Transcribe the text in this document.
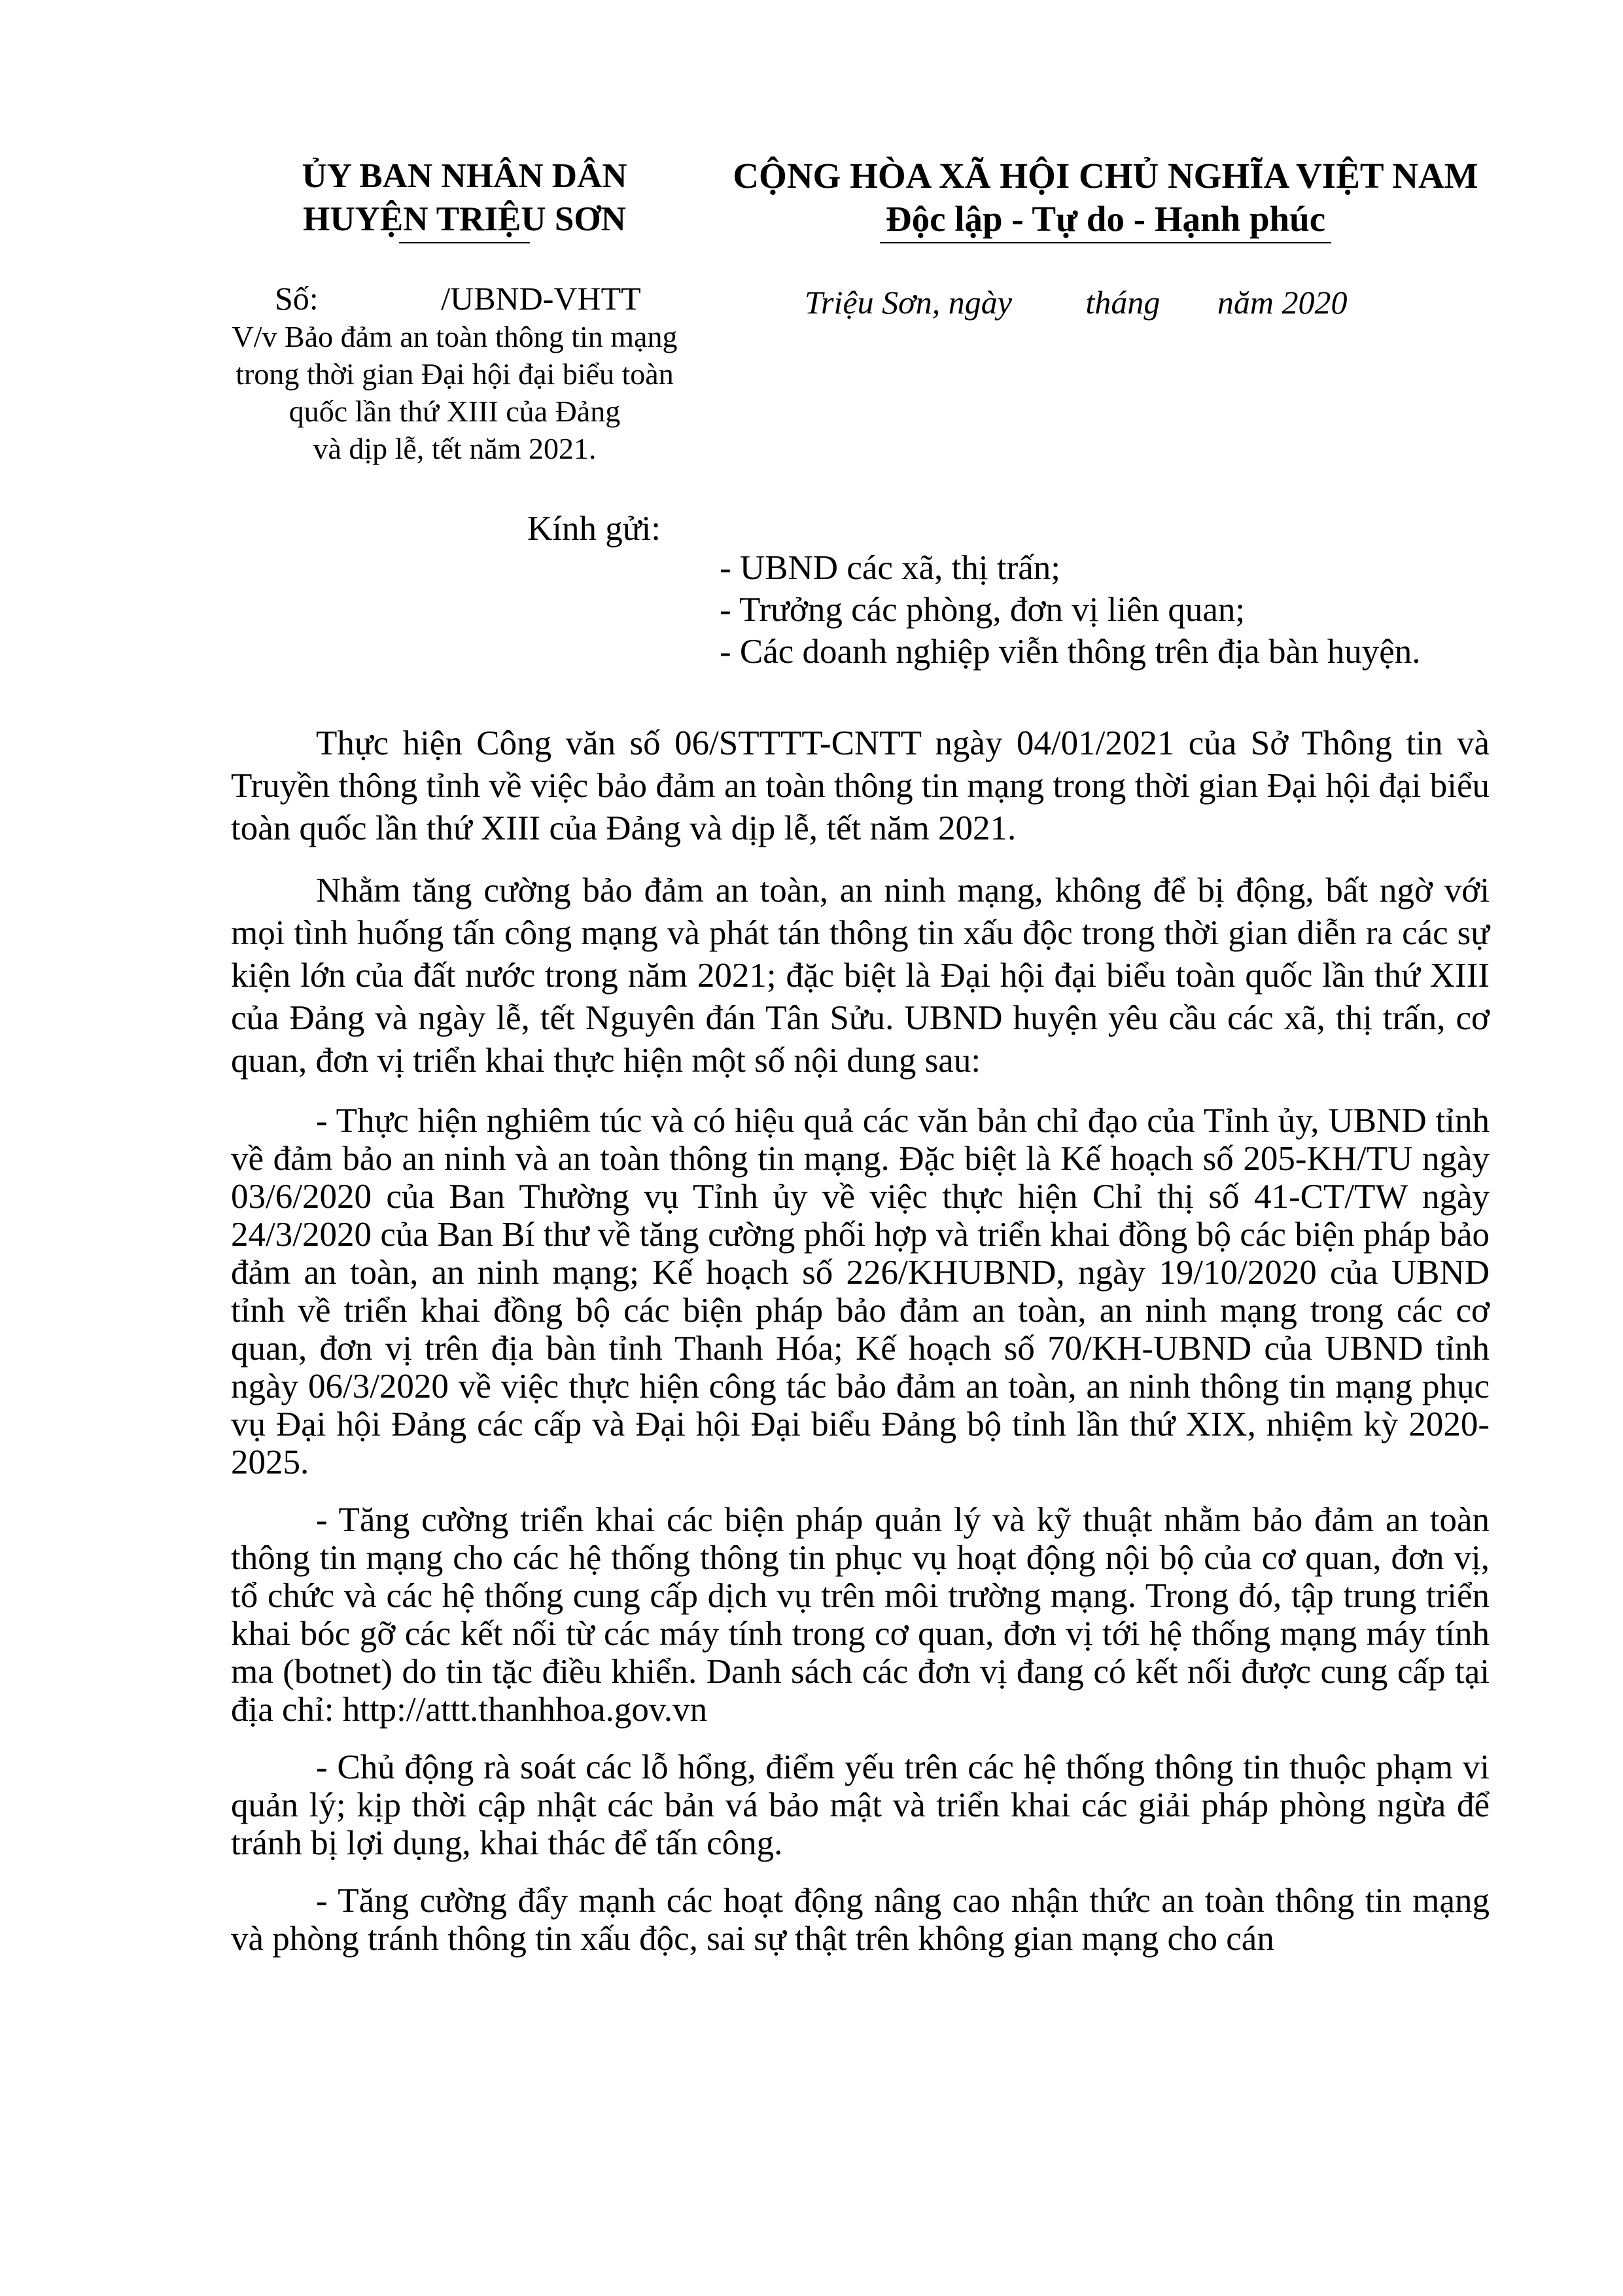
ỦY BAN NHÂN DÂN

HUYỆN TRIỆU SƠN

CỘNG HÒA XÃ HỘI CHỦ NGHĨA VIỆT NAM

Độc lập - Tự do - Hạnh phúc

Số:	/UBND-VHTT
V/v Bảo đảm an toàn thông tin mạng
trong thời gian Đại hội đại biểu toàn
quốc lần thứ XIII của Đảng
và dịp lễ, tết năm 2021.
Triệu Sơn, ngày         tháng       năm 2020
Kính gửi:
- UBND các xã, thị trấn;
- Trưởng các phòng, đơn vị liên quan;
- Các doanh nghiệp viễn thông trên địa bàn huyện.

Thực hiện Công văn số 06/STTTT-CNTT ngày 04/01/2021 của Sở Thông tin và Truyền thông tỉnh về việc bảo đảm an toàn thông tin mạng trong thời gian Đại hội đại biểu toàn quốc lần thứ XIII của Đảng và dịp lễ, tết năm 2021.

Nhằm tăng cường bảo đảm an toàn, an ninh mạng, không để bị động, bất ngờ với mọi tình huống tấn công mạng và phát tán thông tin xấu độc trong thời gian diễn ra các sự kiện lớn của đất nước trong năm 2021; đặc biệt là Đại hội đại biểu toàn quốc lần thứ XIII của Đảng và ngày lễ, tết Nguyên đán Tân Sửu. UBND huyện yêu cầu các xã, thị trấn, cơ quan, đơn vị triển khai thực hiện một số nội dung sau:

- Thực hiện nghiêm túc và có hiệu quả các văn bản chỉ đạo của Tỉnh ủy, UBND tỉnh về đảm bảo an ninh và an toàn thông tin mạng. Đặc biệt là Kế hoạch số 205-KH/TU ngày 03/6/2020 của Ban Thường vụ Tỉnh ủy về việc thực hiện Chỉ thị số 41-CT/TW ngày 24/3/2020 của Ban Bí thư về tăng cường phối hợp và triển khai đồng bộ các biện pháp bảo đảm an toàn, an ninh mạng; Kế hoạch số 226/KHUBND, ngày 19/10/2020 của UBND tỉnh về triển khai đồng bộ các biện pháp bảo đảm an toàn, an ninh mạng trong các cơ quan, đơn vị trên địa bàn tỉnh Thanh Hóa; Kế hoạch số 70/KH-UBND của UBND tỉnh ngày 06/3/2020 về việc thực hiện công tác bảo đảm an toàn, an ninh thông tin mạng phục vụ Đại hội Đảng các cấp và Đại hội Đại biểu Đảng bộ tỉnh lần thứ XIX, nhiệm kỳ 2020-2025.

- Tăng cường triển khai các biện pháp quản lý và kỹ thuật nhằm bảo đảm an toàn thông tin mạng cho các hệ thống thông tin phục vụ hoạt động nội bộ của cơ quan, đơn vị, tổ chức và các hệ thống cung cấp dịch vụ trên môi trường mạng. Trong đó, tập trung triển khai bóc gỡ các kết nối từ các máy tính trong cơ quan, đơn vị tới hệ thống mạng máy tính ma (botnet) do tin tặc điều khiển. Danh sách các đơn vị đang có kết nối được cung cấp tại địa chỉ: http://attt.thanhhoa.gov.vn

- Chủ động rà soát các lỗ hổng, điểm yếu trên các hệ thống thông tin thuộc phạm vi quản lý; kịp thời cập nhật các bản vá bảo mật và triển khai các giải pháp phòng ngừa để tránh bị lợi dụng, khai thác để tấn công.

- Tăng cường đẩy mạnh các hoạt động nâng cao nhận thức an toàn thông tin mạng và phòng tránh thông tin xấu độc, sai sự thật trên không gian mạng cho cán
